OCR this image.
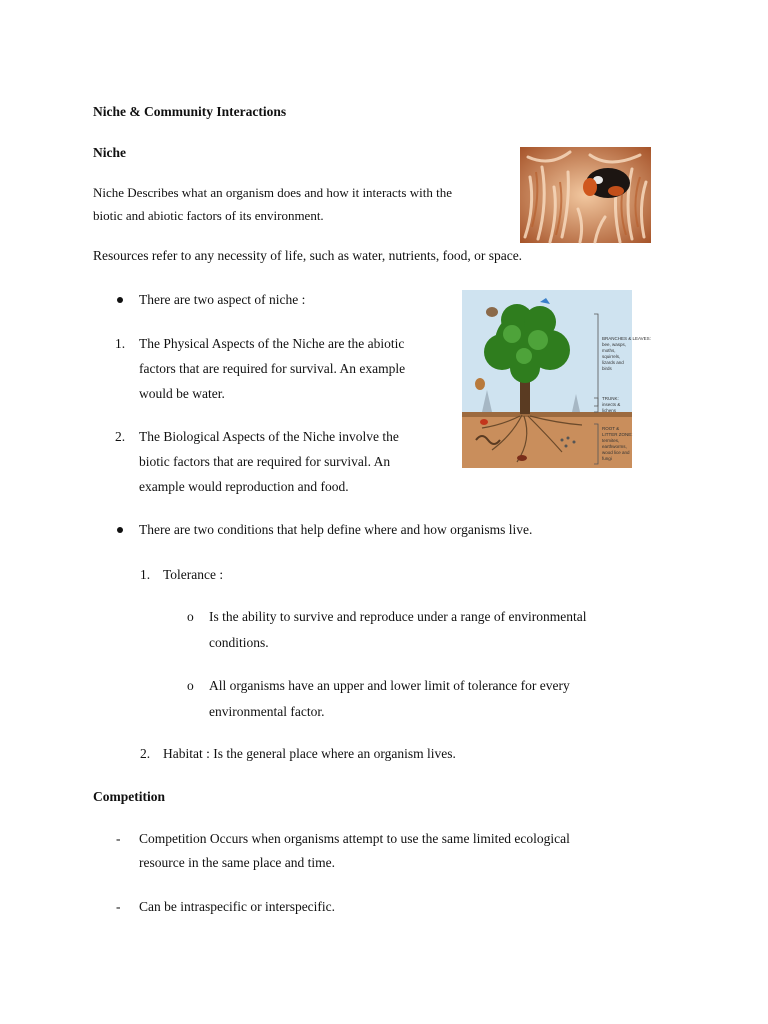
Niche & Community Interactions
Niche
Niche Describes what an organism does and how it interacts with the
biotic and abiotic factors of its environment.
Resources refer to any necessity of life, such as water, nutrients, food, or space.
There are two aspect of niche :
BRANCHES & LEAVES:
bee, wasps,
moths,
squirrels,
lizards and
birds
TRUNK:
insects &
lichens
ROOT &
LITTER ZONE:
termites,
earthworms,
wood lice and
fungi
1. The Physical Aspects of the Niche are the abiotic
factors that are required for survival. An example
would be water.
2. The Biological Aspects of the Niche involve the
biotic factors that are required for survival. An
example would reproduction and food.
There are two conditions that help define where and how organisms live.
1. Tolerance :
o Is the ability to survive and reproduce under a range of environmental
conditions.
o All organisms have an upper and lower limit of tolerance for every
environmental factor.
2. Habitat : Is the general place where an organism lives.
Competition
- Competition Occurs when organisms attempt to use the same limited ecological
resource in the same place and time.
- Can be intraspecific or interspecific.
